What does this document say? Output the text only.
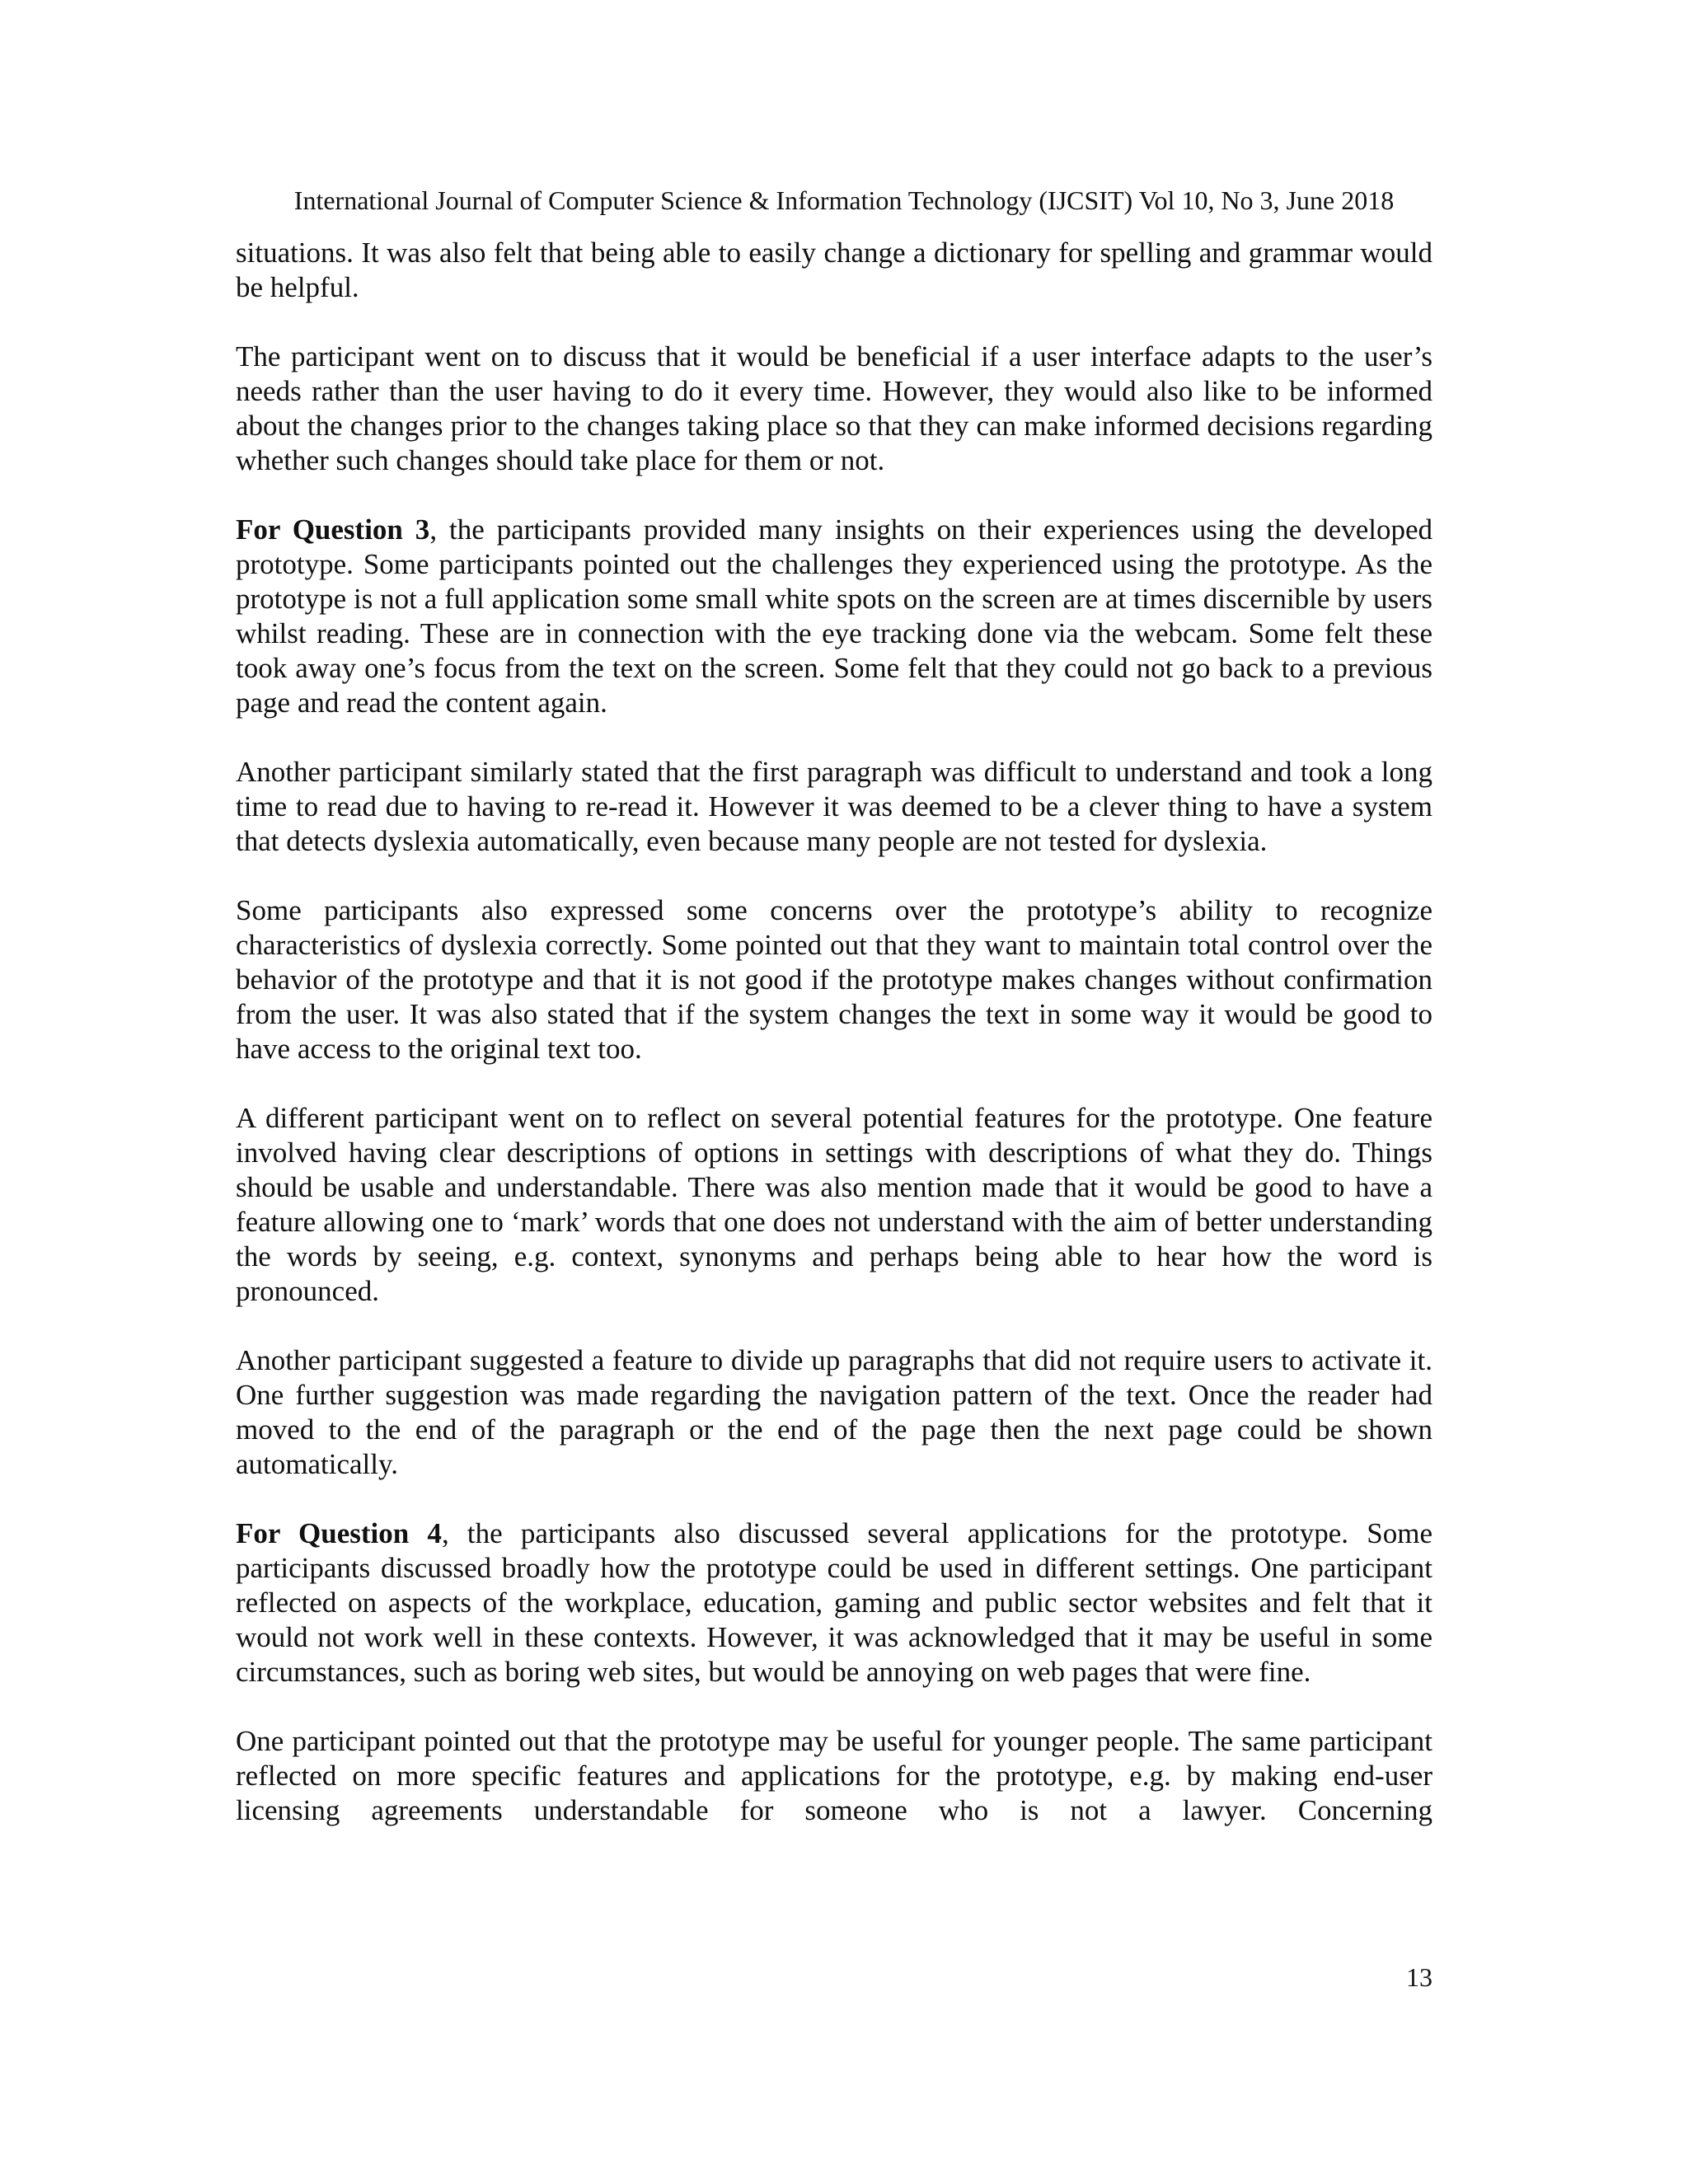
International Journal of Computer Science & Information Technology (IJCSIT) Vol 10, No 3, June 2018

situations. It was also felt that being able to easily change a dictionary for spelling and grammar would be helpful.

The participant went on to discuss that it would be beneficial if a user interface adapts to the user’s needs rather than the user having to do it every time. However, they would also like to be informed about the changes prior to the changes taking place so that they can make informed decisions regarding whether such changes should take place for them or not.

For Question 3, the participants provided many insights on their experiences using the developed prototype. Some participants pointed out the challenges they experienced using the prototype. As the prototype is not a full application some small white spots on the screen are at times discernible by users whilst reading. These are in connection with the eye tracking done via the webcam. Some felt these took away one’s focus from the text on the screen. Some felt that they could not go back to a previous page and read the content again.

Another participant similarly stated that the first paragraph was difficult to understand and took a long time to read due to having to re-read it. However it was deemed to be a clever thing to have a system that detects dyslexia automatically, even because many people are not tested for dyslexia.

Some participants also expressed some concerns over the prototype’s ability to recognize characteristics of dyslexia correctly. Some pointed out that they want to maintain total control over the behavior of the prototype and that it is not good if the prototype makes changes without confirmation from the user. It was also stated that if the system changes the text in some way it would be good to have access to the original text too.

A different participant went on to reflect on several potential features for the prototype. One feature involved having clear descriptions of options in settings with descriptions of what they do. Things should be usable and understandable. There was also mention made that it would be good to have a feature allowing one to ‘mark’ words that one does not understand with the aim of better understanding the words by seeing, e.g. context, synonyms and perhaps being able to hear how the word is pronounced.

Another participant suggested a feature to divide up paragraphs that did not require users to activate it. One further suggestion was made regarding the navigation pattern of the text. Once the reader had moved to the end of the paragraph or the end of the page then the next page could be shown automatically.

For Question 4, the participants also discussed several applications for the prototype. Some participants discussed broadly how the prototype could be used in different settings. One participant reflected on aspects of the workplace, education, gaming and public sector websites and felt that it would not work well in these contexts. However, it was acknowledged that it may be useful in some circumstances, such as boring web sites, but would be annoying on web pages that were fine.

One participant pointed out that the prototype may be useful for younger people. The same participant reflected on more specific features and applications for the prototype, e.g. by making end-user licensing agreements understandable for someone who is not a lawyer. Concerning

13
